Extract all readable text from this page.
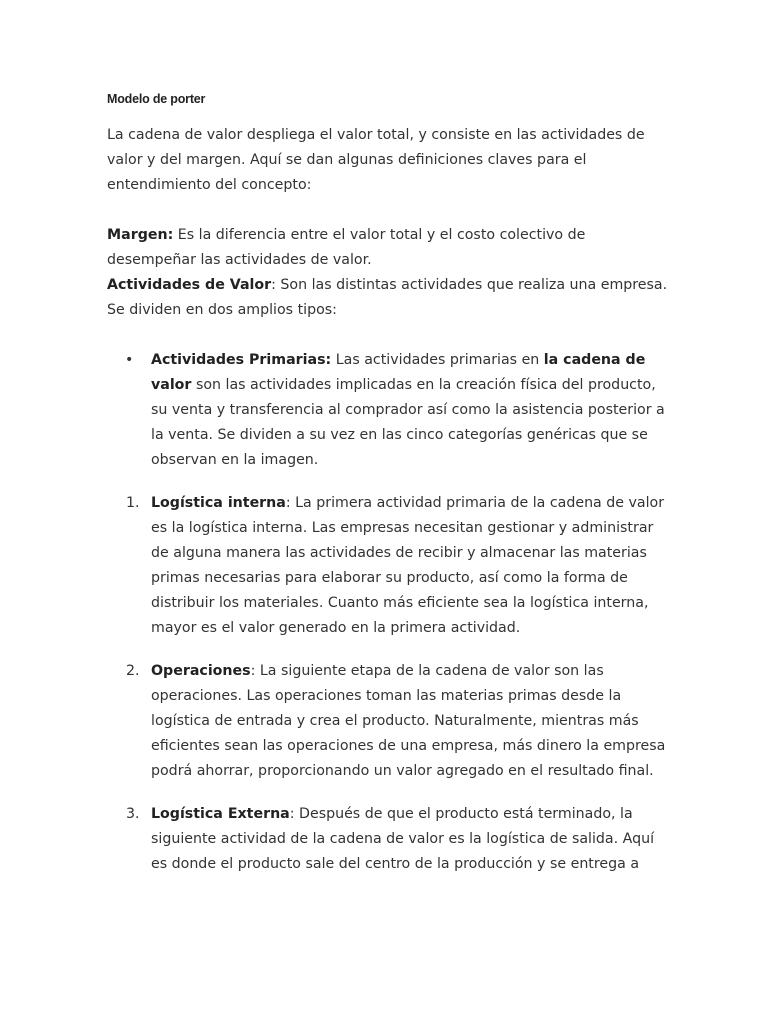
Modelo de porter

La cadena de valor despliega el valor total, y consiste en las actividades de valor y del margen. Aquí se dan algunas definiciones claves para el entendimiento del concepto:

Margen: Es la diferencia entre el valor total y el costo colectivo de desempeñar las actividades de valor.

Actividades de Valor: Son las distintas actividades que realiza una empresa. Se dividen en dos amplios tipos:

• Actividades Primarias: Las actividades primarias en la cadena de valor son las actividades implicadas en la creación física del producto, su venta y transferencia al comprador así como la asistencia posterior a la venta. Se dividen a su vez en las cinco categorías genéricas que se observan en la imagen.
1. Logística interna: La primera actividad primaria de la cadena de valor es la logística interna. Las empresas necesitan gestionar y administrar de alguna manera las actividades de recibir y almacenar las materias primas necesarias para elaborar su producto, así como la forma de distribuir los materiales. Cuanto más eficiente sea la logística interna, mayor es el valor generado en la primera actividad.
2. Operaciones: La siguiente etapa de la cadena de valor son las operaciones. Las operaciones toman las materias primas desde la logística de entrada y crea el producto. Naturalmente, mientras más eficientes sean las operaciones de una empresa, más dinero la empresa podrá ahorrar, proporcionando un valor agregado en el resultado final.
3. Logística Externa: Después de que el producto está terminado, la siguiente actividad de la cadena de valor es la logística de salida. Aquí es donde el producto sale del centro de la producción y se entrega a
